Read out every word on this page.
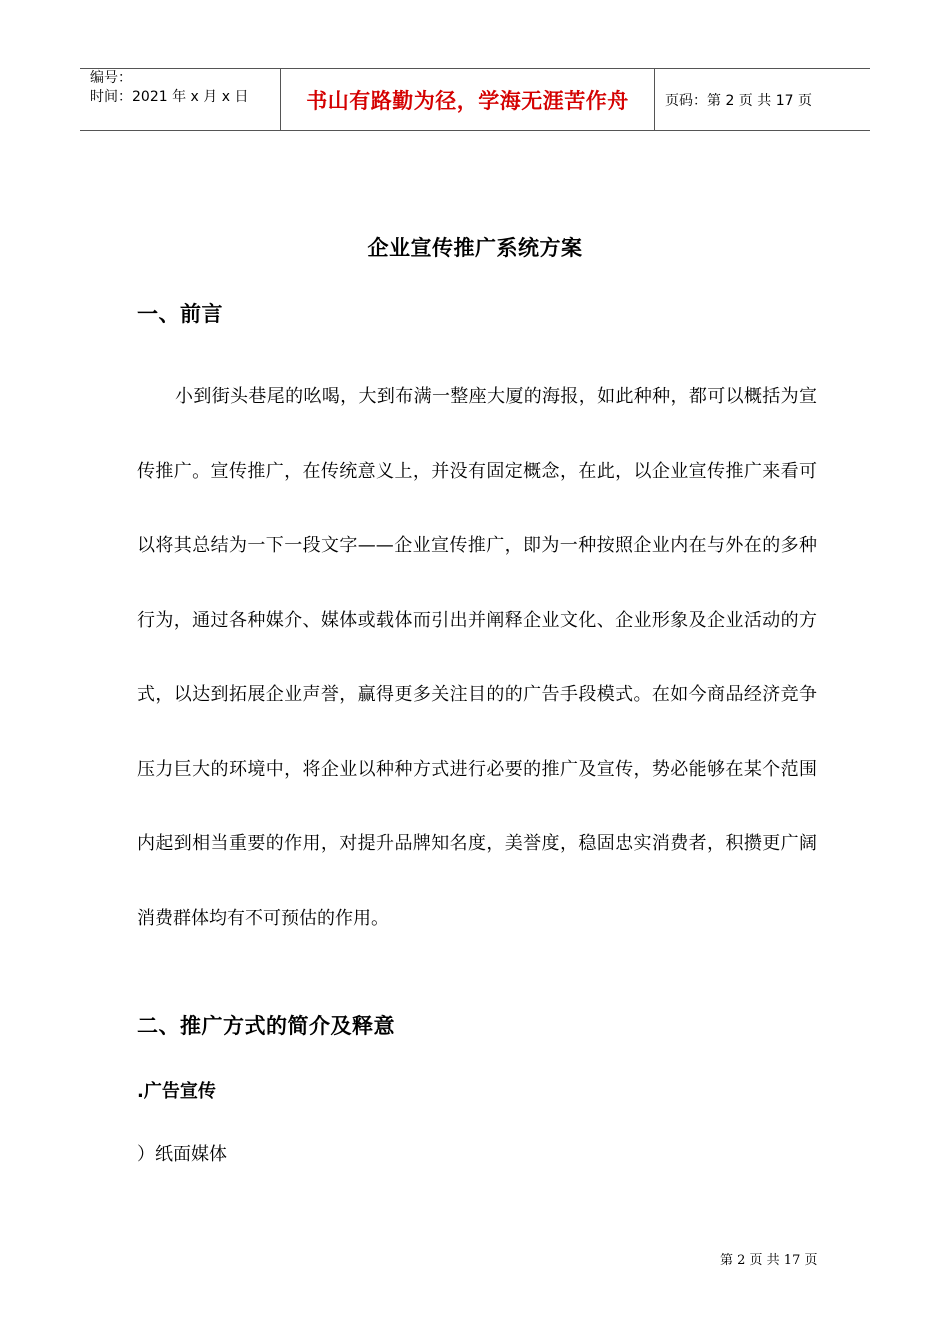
编号：
时间：2021 年 x 月 x 日	书山有路勤为径，学海无涯苦作舟	页码：第 2 页 共 17 页
企业宣传推广系统方案
一、前言

小到街头巷尾的吆喝，大到布满一整座大厦的海报，如此种种，都可以概括为宣传推广。宣传推广，在传统意义上，并没有固定概念，在此，以企业宣传推广来看可以将其总结为一下一段文字——企业宣传推广，即为一种按照企业内在与外在的多种行为，通过各种媒介、媒体或载体而引出并阐释企业文化、企业形象及企业活动的方式，以达到拓展企业声誉，赢得更多关注目的的广告手段模式。在如今商品经济竞争压力巨大的环境中，将企业以种种方式进行必要的推广及宣传，势必能够在某个范围内起到相当重要的作用，对提升品牌知名度，美誉度，稳固忠实消费者，积攒更广阔消费群体均有不可预估的作用。

二、推广方式的简介及释意
.广告宣传
）纸面媒体
第 2 页 共 17 页
